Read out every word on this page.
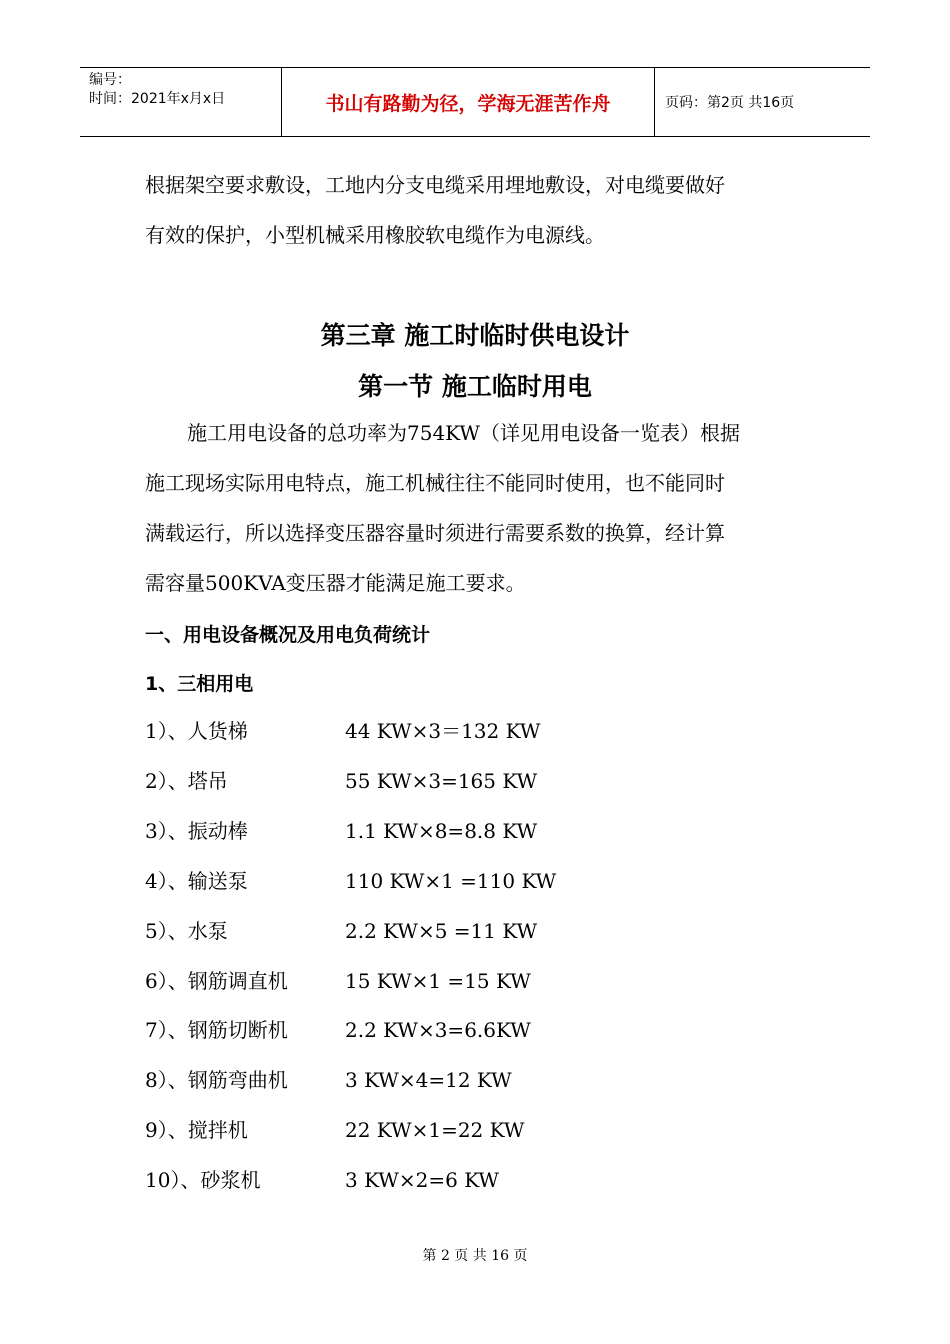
编号：
时间：2021年x月x日	书山有路勤为径，学海无涯苦作舟	页码：第2页 共16页
根据架空要求敷设，工地内分支电缆采用埋地敷设，对电缆要做好
有效的保护，小型机械采用橡胶软电缆作为电源线。
第三章 施工时临时供电设计
第一节 施工临时用电
施工用电设备的总功率为754KW（详见用电设备一览表）根据
施工现场实际用电特点，施工机械往往不能同时使用，也不能同时
满载运行，所以选择变压器容量时须进行需要系数的换算，经计算
需容量500KVA变压器才能满足施工要求。
一、用电设备概况及用电负荷统计
1、三相用电
1）、人货梯	44 KW×3＝132 KW
2）、塔吊	55 KW×3=165 KW
3）、振动棒	1.1 KW×8=8.8 KW
4）、输送泵	110 KW×1 =110 KW
5）、水泵	2.2 KW×5 =11 KW
6）、钢筋调直机	15 KW×1 =15 KW
7）、钢筋切断机	2.2 KW×3=6.6KW
8）、钢筋弯曲机	3 KW×4=12 KW
9）、搅拌机	22 KW×1=22 KW
10）、砂浆机	3 KW×2=6 KW
第 2 页 共 16 页
